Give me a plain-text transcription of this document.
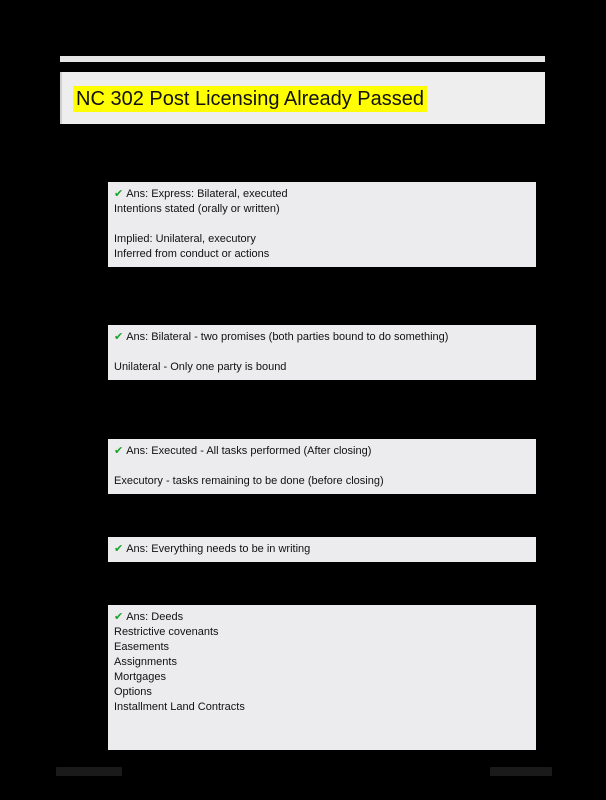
NC 302 Post Licensing Already Passed
✔ Ans: Express: Bilateral, executed
Intentions stated (orally or written)
Implied: Unilateral, executory
Inferred from conduct or actions
✔ Ans: Bilateral - two promises (both parties bound to do something)
Unilateral - Only one party is bound
✔ Ans: Executed - All tasks performed (After closing)
Executory - tasks remaining to be done (before closing)
✔ Ans: Everything needs to be in writing
✔ Ans: Deeds
Restrictive covenants
Easements
Assignments
Mortgages
Options
Installment Land Contracts
